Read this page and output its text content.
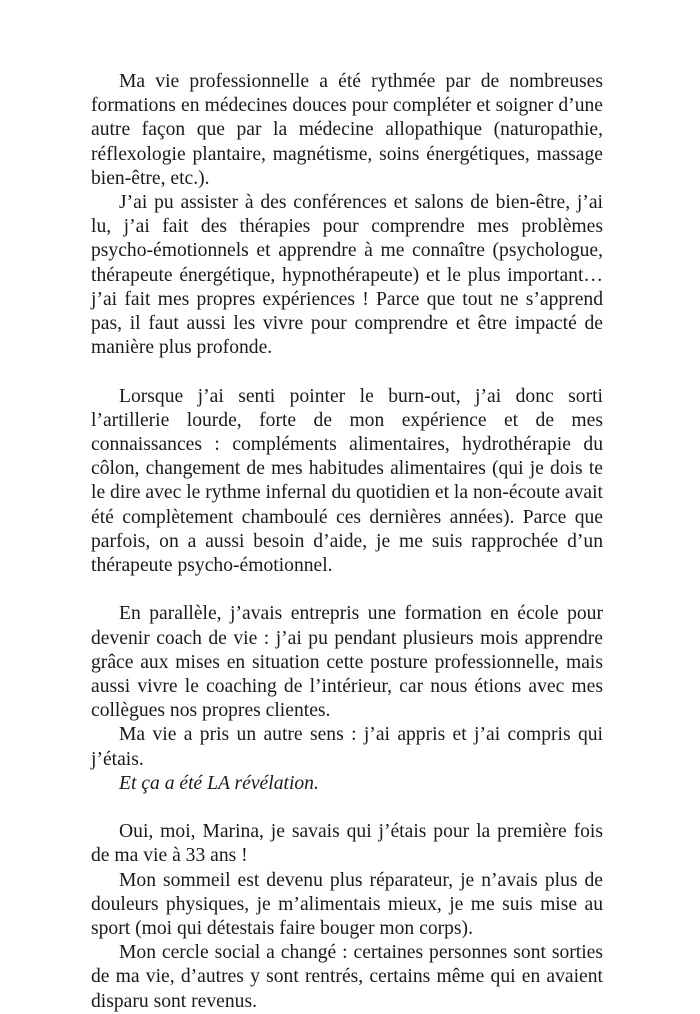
Ma vie professionnelle a été rythmée par de nombreuses formations en médecines douces pour compléter et soigner d’une autre façon que par la médecine allopathique (naturopathie, réflexologie plantaire, magnétisme, soins énergétiques, massage bien-être, etc.).

J’ai pu assister à des conférences et salons de bien-être, j’ai lu, j’ai fait des thérapies pour comprendre mes problèmes psycho-émotionnels et apprendre à me connaître (psychologue, thérapeute énergétique, hypnothérapeute) et le plus important… j’ai fait mes propres expériences ! Parce que tout ne s’apprend pas, il faut aussi les vivre pour comprendre et être impacté de manière plus profonde.

Lorsque j’ai senti pointer le burn-out, j’ai donc sorti l’artillerie lourde, forte de mon expérience et de mes connaissances : compléments alimentaires, hydrothérapie du côlon, changement de mes habitudes alimentaires (qui je dois te le dire avec le rythme infernal du quotidien et la non-écoute avait été complètement chamboulé ces dernières années). Parce que parfois, on a aussi besoin d’aide, je me suis rapprochée d’un thérapeute psycho-émotionnel.

En parallèle, j’avais entrepris une formation en école pour devenir coach de vie : j’ai pu pendant plusieurs mois apprendre grâce aux mises en situation cette posture professionnelle, mais aussi vivre le coaching de l’intérieur, car nous étions avec mes collègues nos propres clientes.

Ma vie a pris un autre sens : j’ai appris et j’ai compris qui j’étais.

Et ça a été LA révélation.

Oui, moi, Marina, je savais qui j’étais pour la première fois de ma vie à 33 ans !

Mon sommeil est devenu plus réparateur, je n’avais plus de douleurs physiques, je m’alimentais mieux, je me suis mise au sport (moi qui détestais faire bouger mon corps).

Mon cercle social a changé : certaines personnes sont sorties de ma vie, d’autres y sont rentrés, certains même qui en avaient disparu sont revenus.
